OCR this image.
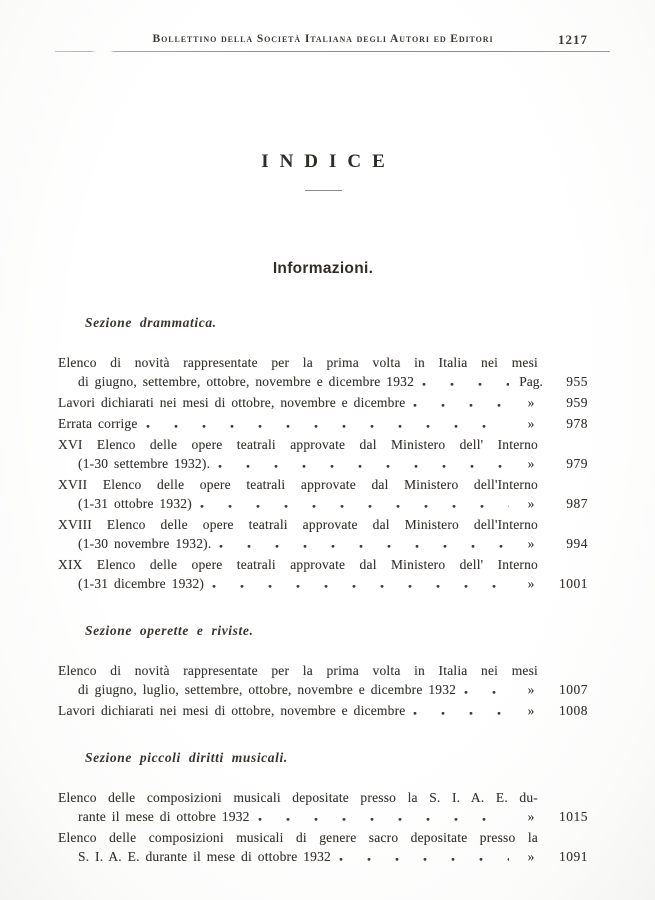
Bollettino della Società Italiana degli Autori ed Editori	1217
INDICE
Informazioni.
Sezione drammatica.
Elenco di novità rappresentate per la prima volta in Italia nei mesi
di giugno, settembre, ottobre, novembre e dicembre 1932	Pag.	955
Lavori dichiarati nei mesi di ottobre, novembre e dicembre	»	959
Errata corrige	»	978
XVI Elenco delle opere teatrali approvate dal Ministero dell' Interno
(1-30 settembre 1932).	»	979
XVII Elenco delle opere teatrali approvate dal Ministero dell'Interno
(1-31 ottobre 1932)	»	987
XVIII Elenco delle opere teatrali approvate dal Ministero dell'Interno
(1-30 novembre 1932).	»	994
XIX Elenco delle opere teatrali approvate dal Ministero dell' Interno
(1-31 dicembre 1932)	»	1001
Sezione operette e riviste.
Elenco di novità rappresentate per la prima volta in Italia nei mesi
di giugno, luglio, settembre, ottobre, novembre e dicembre 1932	»	1007
Lavori dichiarati nei mesi di ottobre, novembre e dicembre	»	1008
Sezione piccoli diritti musicali.
Elenco delle composizioni musicali depositate presso la S. I. A. E. du-
rante il mese di ottobre 1932	»	1015
Elenco delle composizioni musicali di genere sacro depositate presso la
S. I. A. E. durante il mese di ottobre 1932	»	1091
